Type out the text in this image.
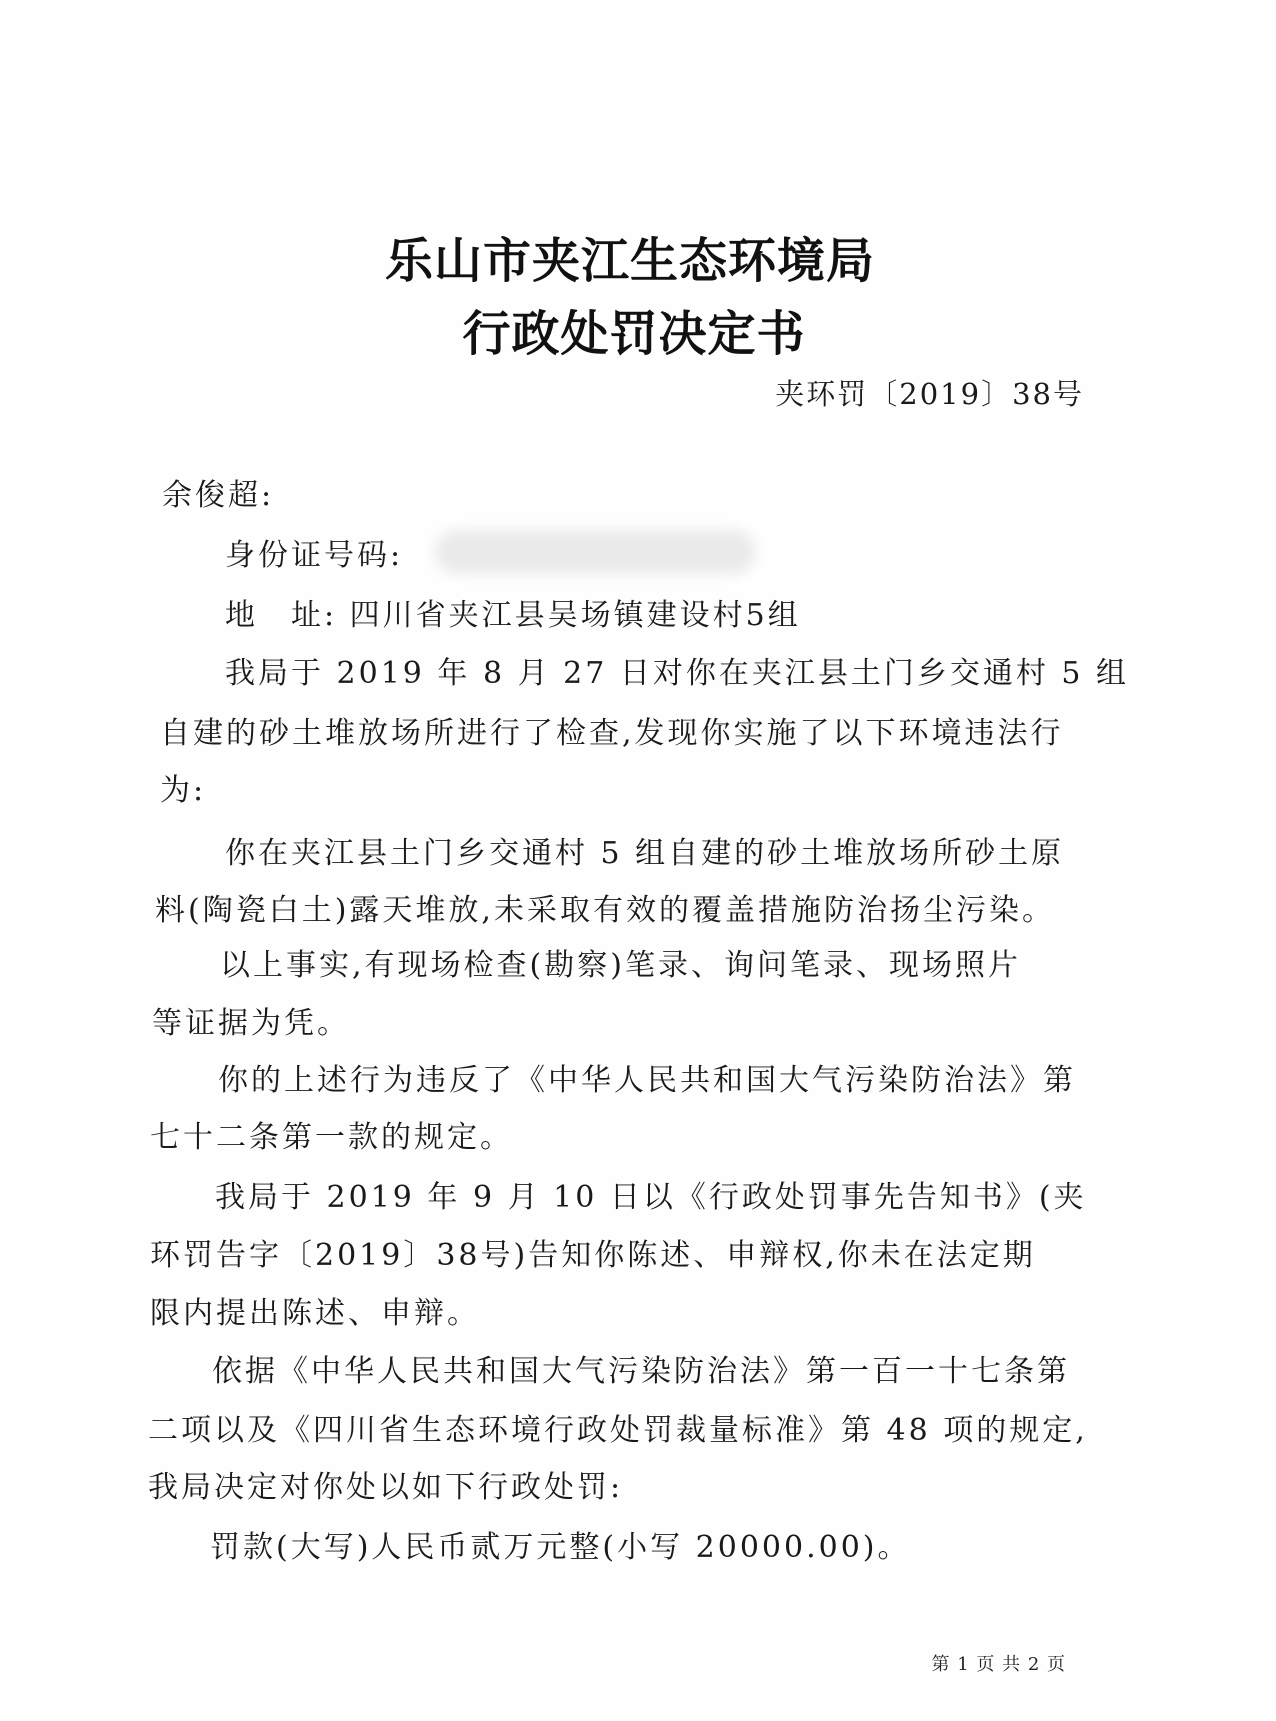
乐山市夹江生态环境局
行政处罚决定书
夹环罚〔2019〕38号
余俊超:
身份证号码:
地　址: 四川省夹江县吴场镇建设村5组
我局于 2019 年 8 月 27 日对你在夹江县土门乡交通村 5 组
自建的砂土堆放场所进行了检查,发现你实施了以下环境违法行
为:
你在夹江县土门乡交通村 5 组自建的砂土堆放场所砂土原
料(陶瓷白土)露天堆放,未采取有效的覆盖措施防治扬尘污染。
以上事实,有现场检查(勘察)笔录、询问笔录、现场照片
等证据为凭。
你的上述行为违反了《中华人民共和国大气污染防治法》第
七十二条第一款的规定。
我局于 2019 年 9 月 10 日以《行政处罚事先告知书》(夹
环罚告字〔2019〕38号)告知你陈述、申辩权,你未在法定期
限内提出陈述、申辩。
依据《中华人民共和国大气污染防治法》第一百一十七条第
二项以及《四川省生态环境行政处罚裁量标准》第 48 项的规定,
我局决定对你处以如下行政处罚:
罚款(大写)人民币贰万元整(小写 20000.00)。
第 1 页 共 2 页
